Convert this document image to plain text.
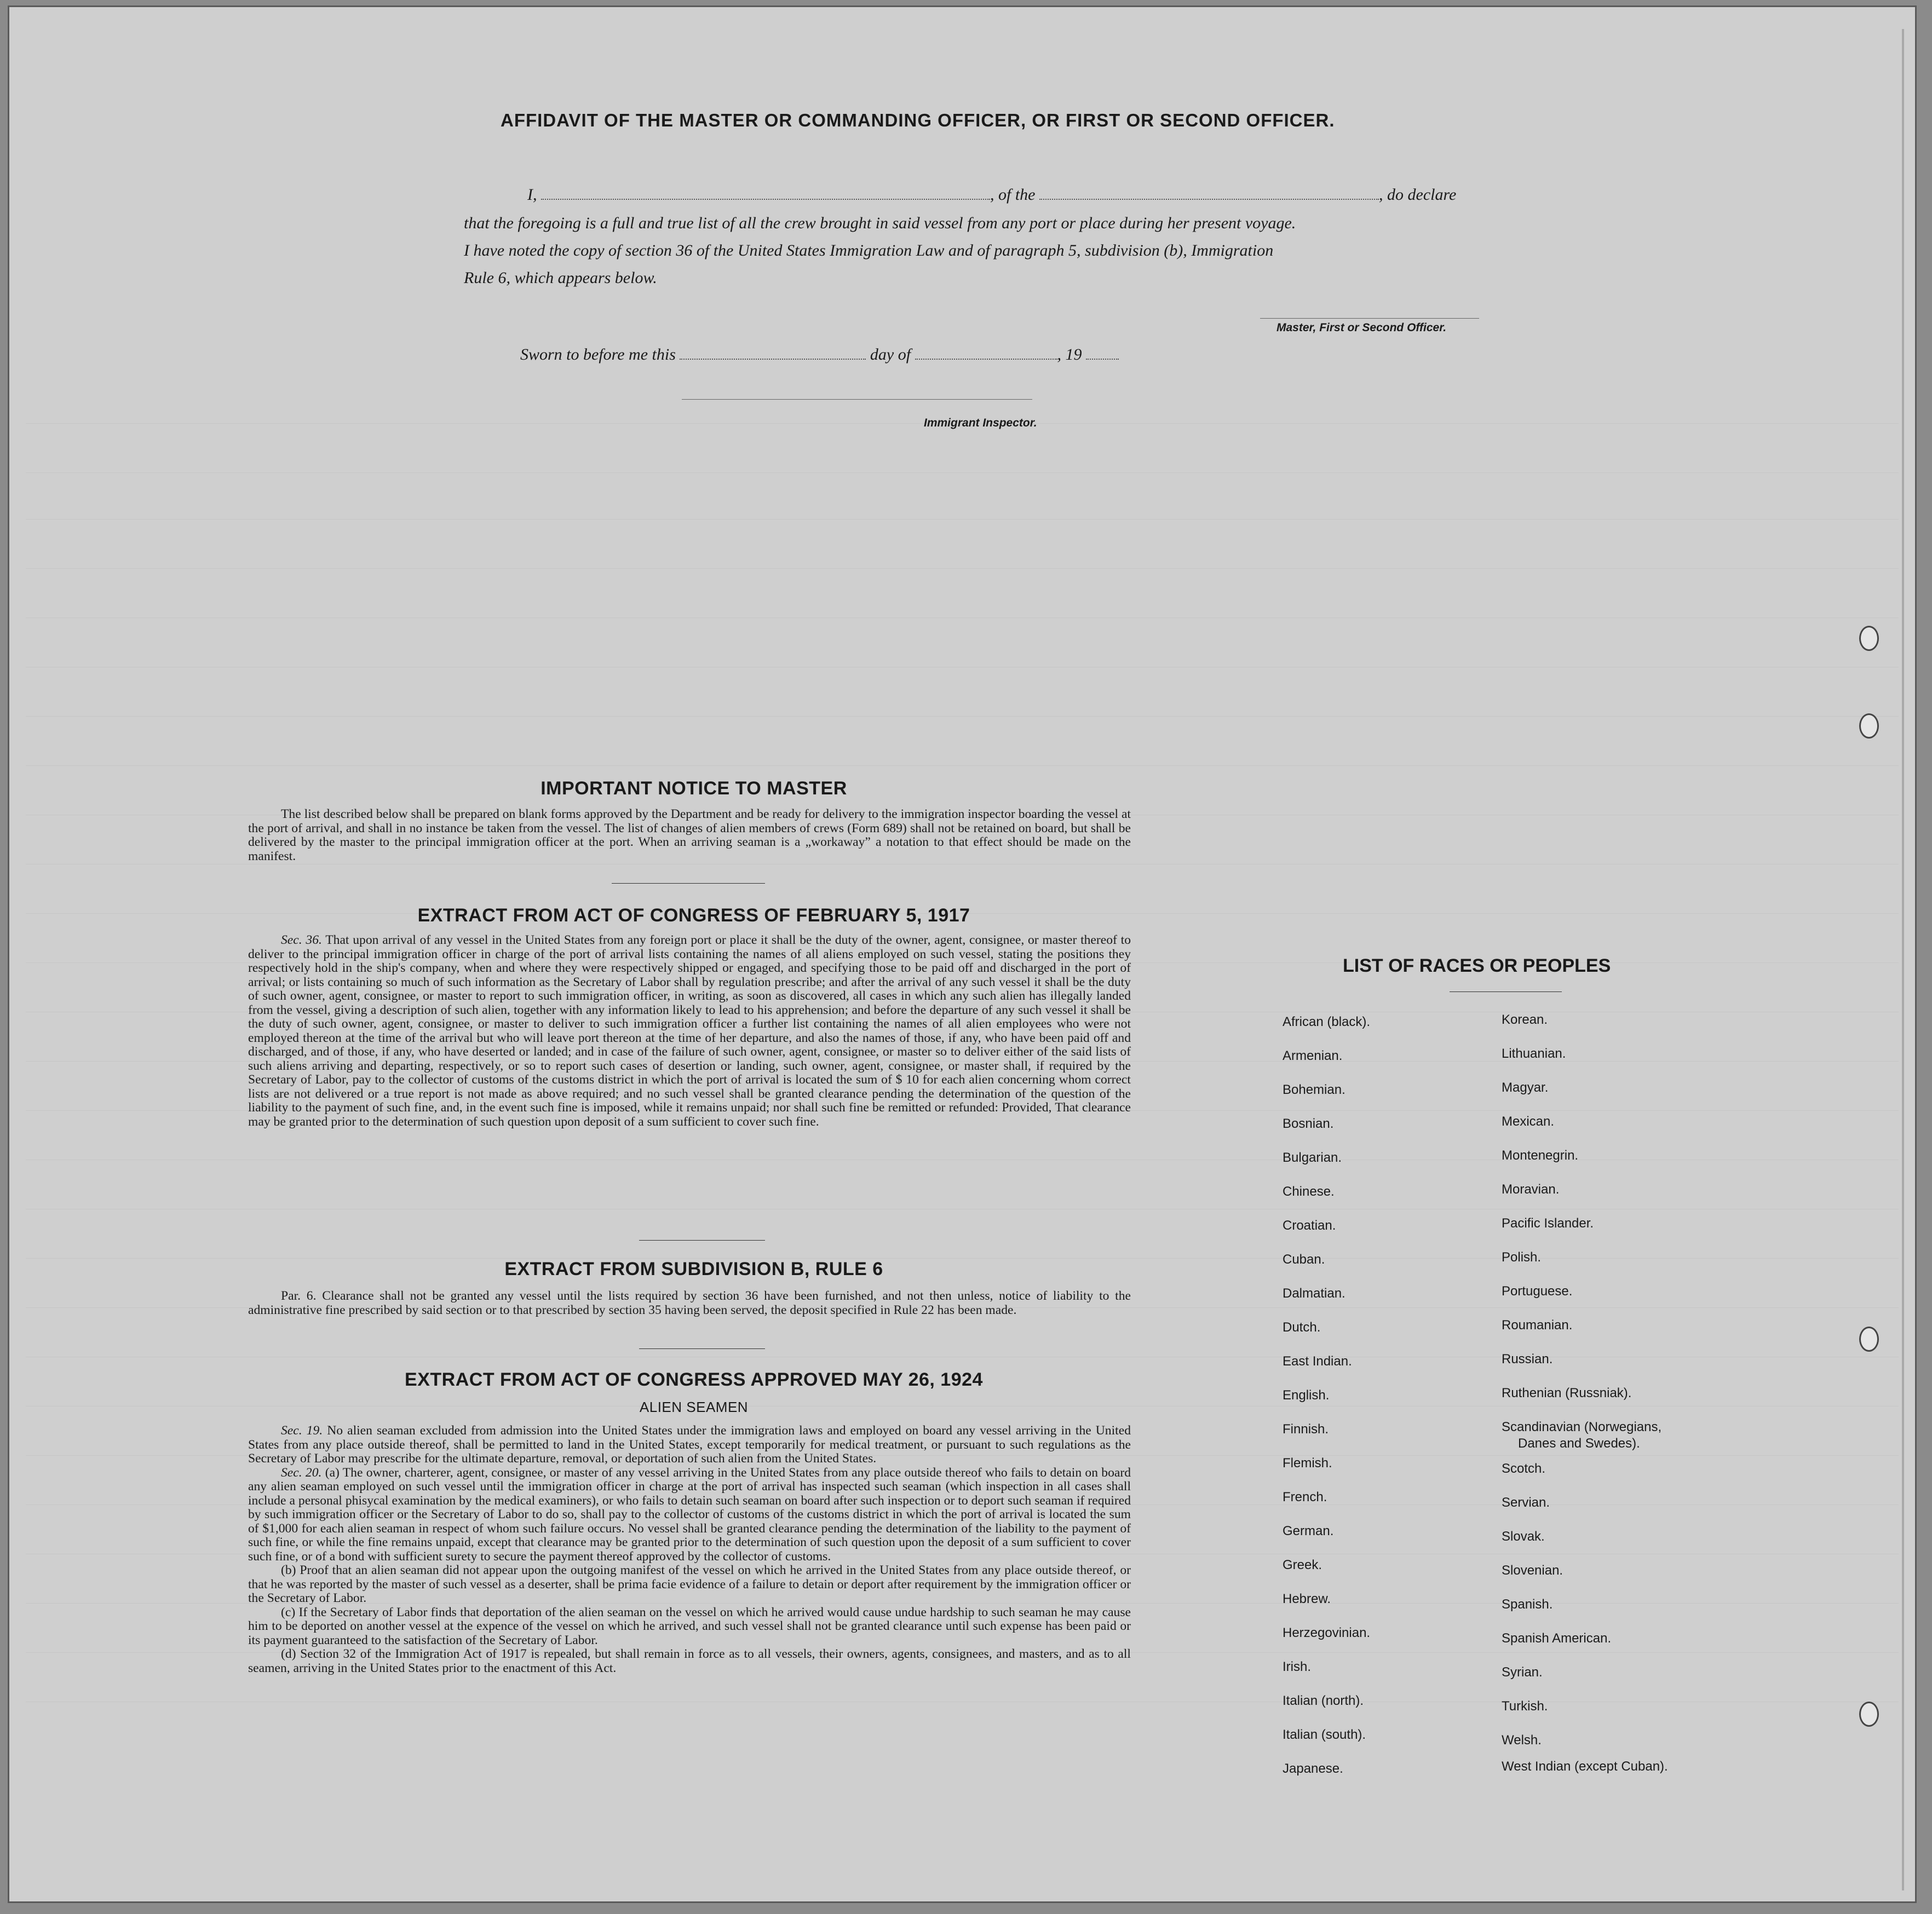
AFFIDAVIT OF THE MASTER OR COMMANDING OFFICER, OR FIRST OR SECOND OFFICER.
I,	, of the	, do declare
that the foregoing is a full and true list of all the crew brought in said vessel from any port or place during her present voyage.
I have noted the copy of section 36 of the United States Immigration Law and of paragraph 5, subdivision (b), Immigration
Rule 6, which appears below.
Master, First or Second Officer.
Sworn to before me this	day of	, 19
Immigrant Inspector.
IMPORTANT NOTICE TO MASTER

The list described below shall be prepared on blank forms approved by the Department and be ready for delivery to the immigration inspector boarding the vessel at the port of arrival, and shall in no instance be taken from the vessel. The list of changes of alien members of crews (Form 689) shall not be retained on board, but shall be delivered by the master to the principal immigration officer at the port. When an arriving seaman is a „workaway” a notation to that effect should be made on the manifest.

EXTRACT FROM ACT OF CONGRESS OF FEBRUARY 5, 1917

Sec. 36. That upon arrival of any vessel in the United States from any foreign port or place it shall be the duty of the owner, agent, consignee, or master thereof to deliver to the principal immigration officer in charge of the port of arrival lists containing the names of all aliens employed on such vessel, stating the positions they respectively hold in the ship's company, when and where they were respectively shipped or engaged, and specifying those to be paid off and discharged in the port of arrival; or lists containing so much of such information as the Secretary of Labor shall by regulation prescribe; and after the arrival of any such vessel it shall be the duty of such owner, agent, consignee, or master to report to such immigration officer, in writing, as soon as discovered, all cases in which any such alien has illegally landed from the vessel, giving a description of such alien, together with any information likely to lead to his apprehension; and before the departure of any such vessel it shall be the duty of such owner, agent, consignee, or master to deliver to such immigration officer a further list containing the names of all alien employees who were not employed thereon at the time of the arrival but who will leave port thereon at the time of her departure, and also the names of those, if any, who have been paid off and discharged, and of those, if any, who have deserted or landed; and in case of the failure of such owner, agent, consignee, or master so to deliver either of the said lists of such aliens arriving and departing, respectively, or so to report such cases of desertion or landing, such owner, agent, consignee, or master shall, if required by the Secretary of Labor, pay to the collector of customs of the customs district in which the port of arrival is located the sum of $ 10 for each alien concerning whom correct lists are not delivered or a true report is not made as above required; and no such vessel shall be granted clearance pending the determination of the question of the liability to the payment of such fine, and, in the event such fine is imposed, while it remains unpaid; nor shall such fine be remitted or refunded: Provided, That clearance may be granted prior to the determination of such question upon deposit of a sum sufficient to cover such fine.

EXTRACT FROM SUBDIVISION B, RULE 6

Par. 6. Clearance shall not be granted any vessel until the lists required by section 36 have been furnished, and not then unless, notice of liability to the administrative fine prescribed by said section or to that prescribed by section 35 having been served, the deposit specified in Rule 22 has been made.

EXTRACT FROM ACT OF CONGRESS APPROVED MAY 26, 1924
ALIEN SEAMEN

Sec. 19. No alien seaman excluded from admission into the United States under the immigration laws and employed on board any vessel arriving in the United States from any place outside thereof, shall be permitted to land in the United States, except temporarily for medical treatment, or pursuant to such regulations as the Secretary of Labor may prescribe for the ultimate departure, removal, or deportation of such alien from the United States.

Sec. 20. (a) The owner, charterer, agent, consignee, or master of any vessel arriving in the United States from any place outside thereof who fails to detain on board any alien seaman employed on such vessel until the immigration officer in charge at the port of arrival has inspected such seaman (which inspection in all cases shall include a personal phisycal examination by the medical examiners), or who fails to detain such seaman on board after such inspection or to deport such seaman if required by such immigration officer or the Secretary of Labor to do so, shall pay to the collector of customs of the customs district in which the port of arrival is located the sum of $1,000 for each alien seaman in respect of whom such failure occurs. No vessel shall be granted clearance pending the determination of the liability to the payment of such fine, or while the fine remains unpaid, except that clearance may be granted prior to the determination of such question upon the deposit of a sum sufficient to cover such fine, or of a bond with sufficient surety to secure the payment thereof approved by the collector of customs.

(b) Proof that an alien seaman did not appear upon the outgoing manifest of the vessel on which he arrived in the United States from any place outside thereof, or that he was reported by the master of such vessel as a deserter, shall be prima facie evidence of a failure to detain or deport after requirement by the immigration officer or the Secretary of Labor.

(c) If the Secretary of Labor finds that deportation of the alien seaman on the vessel on which he arrived would cause undue hardship to such seaman he may cause him to be deported on another vessel at the expence of the vessel on which he arrived, and such vessel shall not be granted clearance until such expense has been paid or its payment guaranteed to the satisfaction of the Secretary of Labor.

(d) Section 32 of the Immigration Act of 1917 is repealed, but shall remain in force as to all vessels, their owners, agents, consignees, and masters, and as to all seamen, arriving in the United States prior to the enactment of this Act.

LIST OF RACES OR PEOPLES
African (black).
Armenian.
Bohemian.
Bosnian.
Bulgarian.
Chinese.
Croatian.
Cuban.
Dalmatian.
Dutch.
East Indian.
English.
Finnish.
Flemish.
French.
German.
Greek.
Hebrew.
Herzegovinian.
Irish.
Italian (north).
Italian (south).
Japanese.
Korean.
Lithuanian.
Magyar.
Mexican.
Montenegrin.
Moravian.
Pacific Islander.
Polish.
Portuguese.
Roumanian.
Russian.
Ruthenian (Russniak).
Scandinavian (Norwegians,
Danes and Swedes).
Scotch.
Servian.
Slovak.
Slovenian.
Spanish.
Spanish American.
Syrian.
Turkish.
Welsh.
West Indian (except Cuban).
